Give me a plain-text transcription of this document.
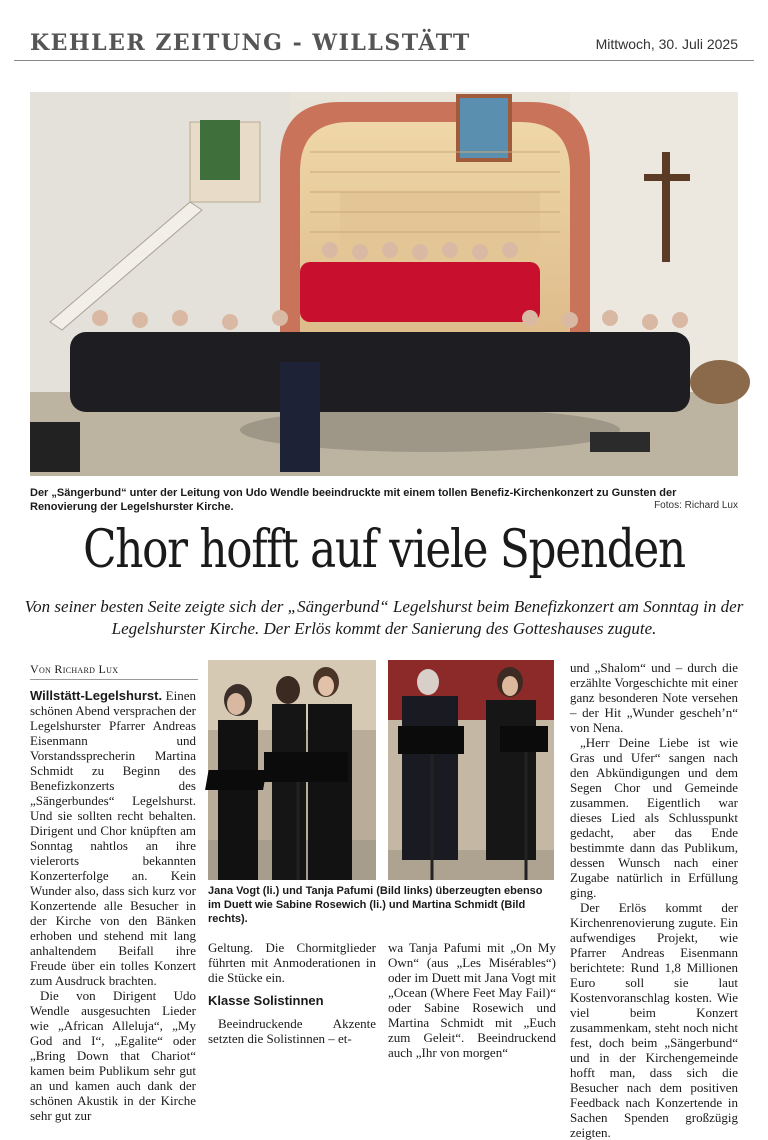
KEHLER ZEITUNG - WILLSTÄTT	Mittwoch, 30. Juli 2025
Der „Sängerbund“ unter der Leitung von Udo Wendle beeindruckte mit einem tollen Benefiz-Kirchenkonzert zu Gunsten der Renovierung der Legelshurster Kirche.	Fotos: Richard Lux
Chor hofft auf viele Spenden
Von seiner besten Seite zeigte sich der „Sängerbund“ Legelshurst beim Benefizkonzert am Sonntag in der Legelshurster Kirche. Der Erlös kommt der Sanierung des Gotteshauses zugute.
Von Richard Lux

Willstätt-Legelshurst. Einen schönen Abend versprachen der Legelshurster Pfarrer Andreas Eisenmann und Vorstandssprecherin Martina Schmidt zu Beginn des Benefizkonzerts des „Sängerbundes“ Legelshurst. Und sie sollten recht behalten. Dirigent und Chor knüpften am Sonntag nahtlos an ihre vielerorts bekannten Konzerterfolge an. Kein Wunder also, dass sich kurz vor Konzertende alle Besucher in der Kirche von den Bänken erhoben und stehend mit lang anhaltendem Beifall ihre Freude über ein tolles Konzert zum Ausdruck brachten.

Die von Dirigent Udo Wendle ausgesuchten Lieder wie „African Alleluja“, „My God and I“, „Egalite“ oder „Bring Down that Chariot“ kamen beim Publikum sehr gut an und kamen auch dank der schönen Akustik in der Kirche sehr gut zur

Jana Vogt (li.) und Tanja Pafumi (Bild links) überzeugten ebenso im Duett wie Sabine Rosewich (li.) und Martina Schmidt (Bild rechts).

Geltung. Die Chormitglieder führten mit Anmoderationen in die Stücke ein.

Klasse Solistinnen

Beeindruckende Akzente setzten die Solistinnen – et-

wa Tanja Pafumi mit „On My Own“ (aus „Les Misérables“) oder im Duett mit Jana Vogt mit „Ocean (Where Feet May Fail)“ oder Sabine Rosewich und Martina Schmidt mit „Euch zum Geleit“. Beeindruckend auch „Ihr von morgen“

und „Shalom“ und – durch die erzählte Vorgeschichte mit einer ganz besonderen Note versehen – der Hit „Wunder gescheh’n“ von Nena.

„Herr Deine Liebe ist wie Gras und Ufer“ sangen nach den Abkündigungen und dem Segen Chor und Gemeinde zusammen. Eigentlich war dieses Lied als Schlusspunkt gedacht, aber das Ende bestimmte dann das Publikum, dessen Wunsch nach einer Zugabe natürlich in Erfüllung ging.

Der Erlös kommt der Kirchenrenovierung zugute. Ein aufwendiges Projekt, wie Pfarrer Andreas Eisenmann berichtete: Rund 1,8 Millionen Euro soll sie laut Kostenvoranschlag kosten. Wie viel beim Konzert zusammenkam, steht noch nicht fest, doch beim „Sängerbund“ und in der Kirchengemeinde hofft man, dass sich die Besucher nach dem positiven Feedback nach Konzertende in Sachen Spenden großzügig zeigten.
